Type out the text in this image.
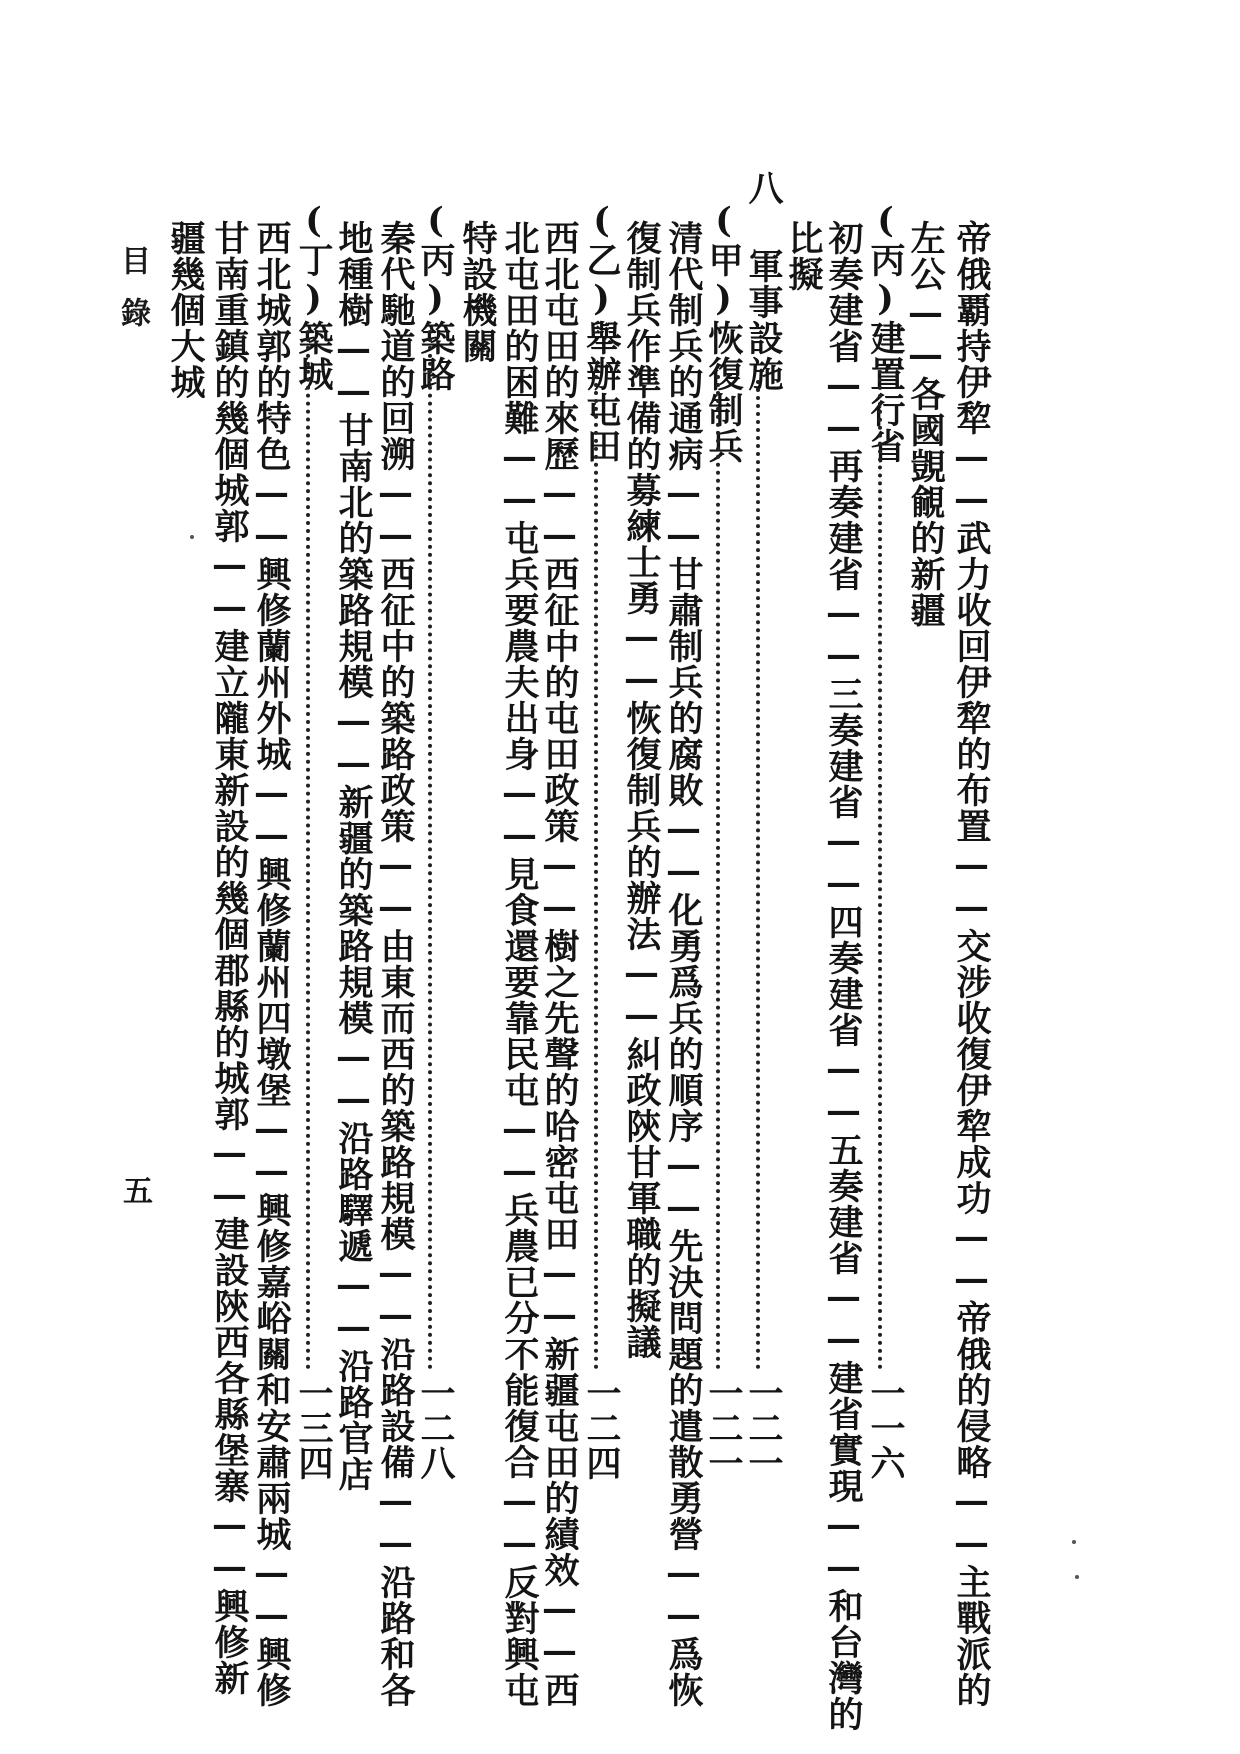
帝俄覇持伊犂——武力收回伊犂的布置——交涉收復伊犂成功——帝俄的侵略——主戰派的
左公——各國覬覦的新疆
(丙)建置行省
一一六
初奏建省——再奏建省——三奏建省——四奏建省——五奏建省——建省實現——和台灣的
比擬
八 軍事設施
一二一
(甲)恢復制兵
一二一
清代制兵的通病——甘肅制兵的腐敗——化勇爲兵的順序——先決問題的遣散勇營——爲恢
復制兵作準備的募練士勇——恢復制兵的辦法——糾政陝甘軍職的擬議
(乙)舉辦屯田
一二四
西北屯田的來歷——西征中的屯田政策——樹之先聲的哈密屯田——新疆屯田的績效——西
北屯田的困難——屯兵要農夫出身——見食還要靠民屯——兵農已分不能復合——反對興屯
特設機關
(丙)築路
一二八
秦代馳道的回溯——西征中的築路政策——由東而西的築路規模——沿路設備——沿路和各
地種樹——甘南北的築路規模——新疆的築路規模——沿路驛遞——沿路官店
(丁)築城
一三四
西北城郭的特色——興修蘭州外城——興修蘭州四墩堡——興修嘉峪關和安肅兩城——興修
甘南重鎮的幾個城郭——建立隴東新設的幾個郡縣的城郭——建設陝西各縣堡寨——興修新
疆幾個大城
目錄
五
